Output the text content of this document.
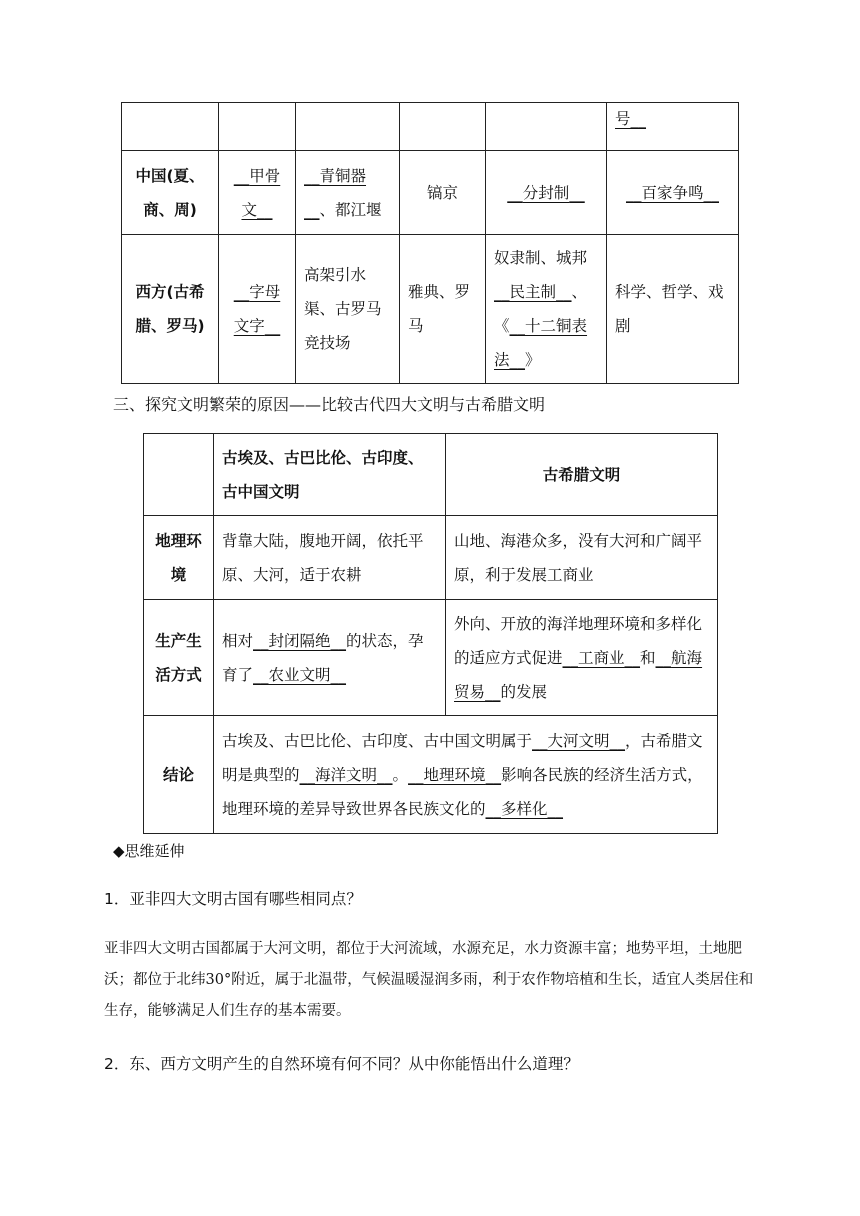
					号__
中国(夏、商、周)	__甲骨文__	__青铜器__、都江堰	镐京	__分封制__	__百家争鸣__
西方(古希腊、罗马)	__字母文字__	高架引水渠、古罗马竞技场	雅典、罗马	奴隶制、城邦__民主制__、《__十二铜表法__》	科学、哲学、戏剧
三、探究文明繁荣的原因——比较古代四大文明与古希腊文明
	古埃及、古巴比伦、古印度、古中国文明	古希腊文明
地理环境	背靠大陆，腹地开阔，依托平原、大河，适于农耕	山地、海港众多，没有大河和广阔平原，利于发展工商业
生产生活方式	相对__封闭隔绝__的状态，孕育了__农业文明__	外向、开放的海洋地理环境和多样化的适应方式促进__工商业__和__航海贸易__的发展
结论	古埃及、古巴比伦、古印度、古中国文明属于__大河文明__，古希腊文明是典型的__海洋文明__。__地理环境__影响各民族的经济生活方式，地理环境的差异导致世界各民族文化的__多样化__	
◆思维延伸
1．亚非四大文明古国有哪些相同点？
亚非四大文明古国都属于大河文明，都位于大河流域，水源充足，水力资源丰富；地势平坦，土地肥沃；都位于北纬30°附近，属于北温带，气候温暖湿润多雨，利于农作物培植和生长，适宜人类居住和生存，能够满足人们生存的基本需要。
2．东、西方文明产生的自然环境有何不同？从中你能悟出什么道理？
